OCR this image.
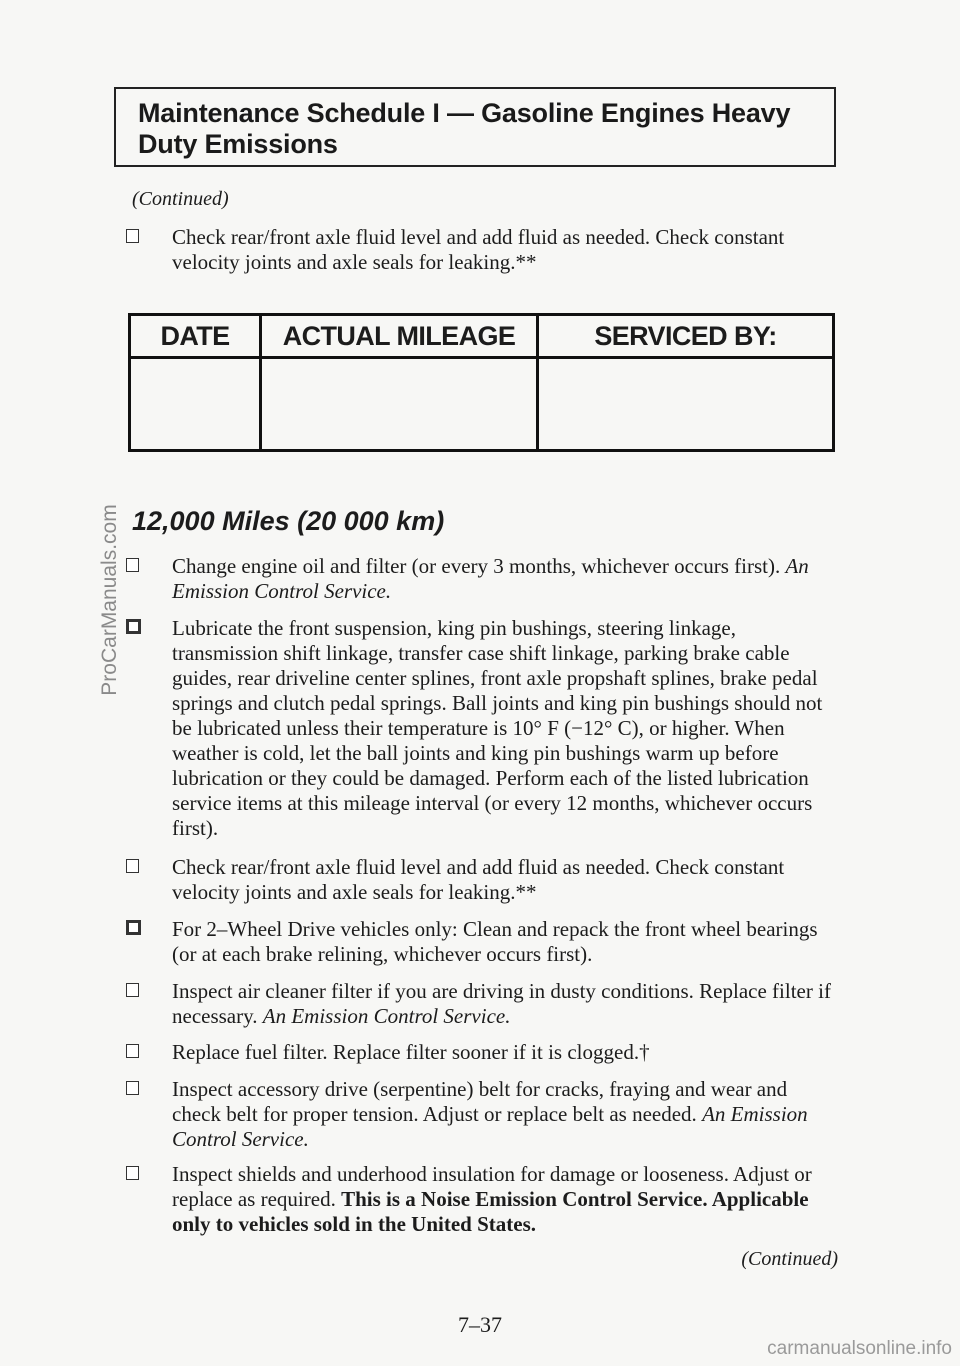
Maintenance Schedule I — Gasoline Engines Heavy
Duty Emissions
(Continued)
Check rear/front axle fluid level and add fluid as needed. Check constant velocity joints and axle seals for leaking.**
DATE	ACTUAL MILEAGE	SERVICED BY:

12,000 Miles (20 000 km)
Change engine oil and filter (or every 3 months, whichever occurs first). An Emission Control Service.
Lubricate the front suspension, king pin bushings, steering linkage, transmission shift linkage, transfer case shift linkage, parking brake cable guides, rear driveline center splines, front axle propshaft splines, brake pedal springs and clutch pedal springs. Ball joints and king pin bushings should not be lubricated unless their temperature is 10° F (−12° C), or higher. When weather is cold, let the ball joints and king pin bushings warm up before lubrication or they could be damaged. Perform each of the listed lubrication service items at this mileage interval (or every 12 months, whichever occurs first).
Check rear/front axle fluid level and add fluid as needed. Check constant velocity joints and axle seals for leaking.**
For 2–Wheel Drive vehicles only: Clean and repack the front wheel bearings (or at each brake relining, whichever occurs first).
Inspect air cleaner filter if you are driving in dusty conditions. Replace filter if necessary. An Emission Control Service.
Replace fuel filter. Replace filter sooner if it is clogged.†
Inspect accessory drive (serpentine) belt for cracks, fraying and wear and check belt for proper tension. Adjust or replace belt as needed. An Emission Control Service.
Inspect shields and underhood insulation for damage or looseness. Adjust or replace as required. This is a Noise Emission Control Service. Applicable only to vehicles sold in the United States.
(Continued)
7–37
ProCarManuals.com
carmanualsonline.info
